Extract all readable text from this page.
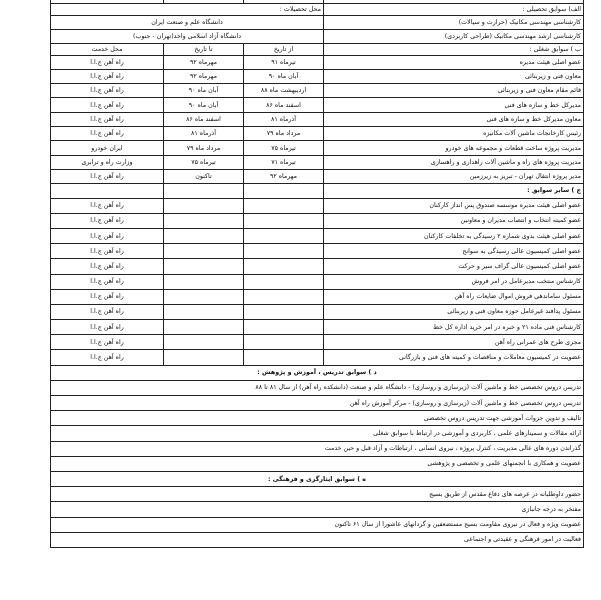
محل تحصیلات :			الف) سوابق تحصیلی :
دانشگاه علم و صنعت ایران			کارشناسی مهندسی مکانیک (حرارت و سیالات)
دانشگاه آزاد اسلامی واحد(تهران - جنوب)			کارشناسی ارشد مهندسی مکانیک (طراحی کاربردی)
محل خدمت	تا تاریخ	از تاریخ	ب ) سوابق شغلی :
راه آهن ج.ا.ا	مهرماه ۹۲	تیرماه ۹۱	عضو اصلی هیئت مدیره
راه آهن ج.ا.ا	مهرماه ۹۲	آبان ماه ۹۰	معاون فنی و زیربنائی
راه آهن ج.ا.ا	آبان ماه ۹۰	اردیبهشت ماه ۸۸	قائم مقام معاون فنی و زیربنائی
راه آهن ج.ا.ا	آبان ماه ۹۰	اسفند ماه ۸۶	مدیرکل خط و سازه های فنی
راه آهن ج.ا.ا	اسفند ماه ۸۶	آذرماه ۸۱	معاون مدیرکل خط و سازه های فنی
راه آهن ج.ا.ا	آذرماه ۸۱	مرداد ماه ۷۹	رئیس کارخانجات ماشین آلات مکانیزه
ایران خودرو	مرداد ماه ۷۹	تیرماه ۷۵	مدیریت پروژه ساخت قطعات و مجموعه های خودرو
وزارت راه و ترابری	تیرماه ۷۵	تیرماه ۷۱	مدیریت پروژه های راه و ماشین آلات راهداری و راهسازی
راه آهن ج.ا.ا	تاکنون	مهرماه ۹۲	مدیر پروژه انتقال تهران - تبریز به زیرزمین
			ج ) سایر سوابق :
راه آهن ج.ا.ا			عضو اصلی هیئت مدیره موسسه صندوق پس انداز کارکنان
راه آهن ج.ا.ا			عضو کمیته انتخاب و انتصاب مدیران و معاونین
راه آهن ج.ا.ا			عضو اصلی هیئت بدوی شماره ۲ رسیدگی به تخلفات کارکنان
راه آهن ج.ا.ا			عضو اصلی کمیسیون عالی رسیدگی به سوانح
راه آهن ج.ا.ا			عضو اصلی کمیسیون عالی گراف سیر و حرکت
راه آهن ج.ا.ا			کارشناس منتخب مدیرعامل در امر فروش
راه آهن ج.ا.ا			مسئول ساماندهی فروش اموال ضایعات راه آهن
راه آهن ج.ا.ا			مسئول پدافند غیرعامل حوزه معاون فنی و زیربنائی
راه آهن ج.ا.ا			کارشناس فنی ماده ۲۱ و خبره در امر خرید اداره کل خط
راه آهن ج.ا.ا			مجری طرح های عمرانی راه آهن
راه آهن ج.ا.ا			عضویت در کمیسیون معاملات و مناقصات و کمیته های فنی و بازرگانی
د ) سوابق تدریس ، آموزش و پژوهش :			
تدریس دروس تخصصی خط و ماشین آلات (زیرسازی و روسازی) - دانشگاه علم و صنعت (دانشکده راه آهن) از سال ۸۱ تا ۸۸			
تدریس دروس تخصصی خط و ماشین آلات (زیرسازی و روسازی) - مرکز آموزش راه آهن			
تالیف و تدوین جزوات آموزشی جهت تدریس دروس تخصصی			
ارائه مقالات و سمینارهای علمی ، کاربردی و آموزشی در ارتباط با سوابق شغلی			
گذراندن دوره های عالی مدیریت ، کنترل پروژه ، نیروی انسانی ، ارتباطات و آزاد قبل و حین خدمت			
عضویت و همکاری با انجمنهای علمی و تخصصی و پژوهشی			
ه ) سوابق ایثارگری و فرهنگی :			
حضور داوطلبانه در عرصه های دفاع مقدس از طریق بسیج			
مفتخر به درجه جانبازی			
عضویت ویژه و فعال در نیروی مقاومت بسیج مستضعفین و گردانهای عاشورا از سال ۶۱ تاکنون			
فعالیت در امور فرهنگی و عقیدتی و اجتماعی			
